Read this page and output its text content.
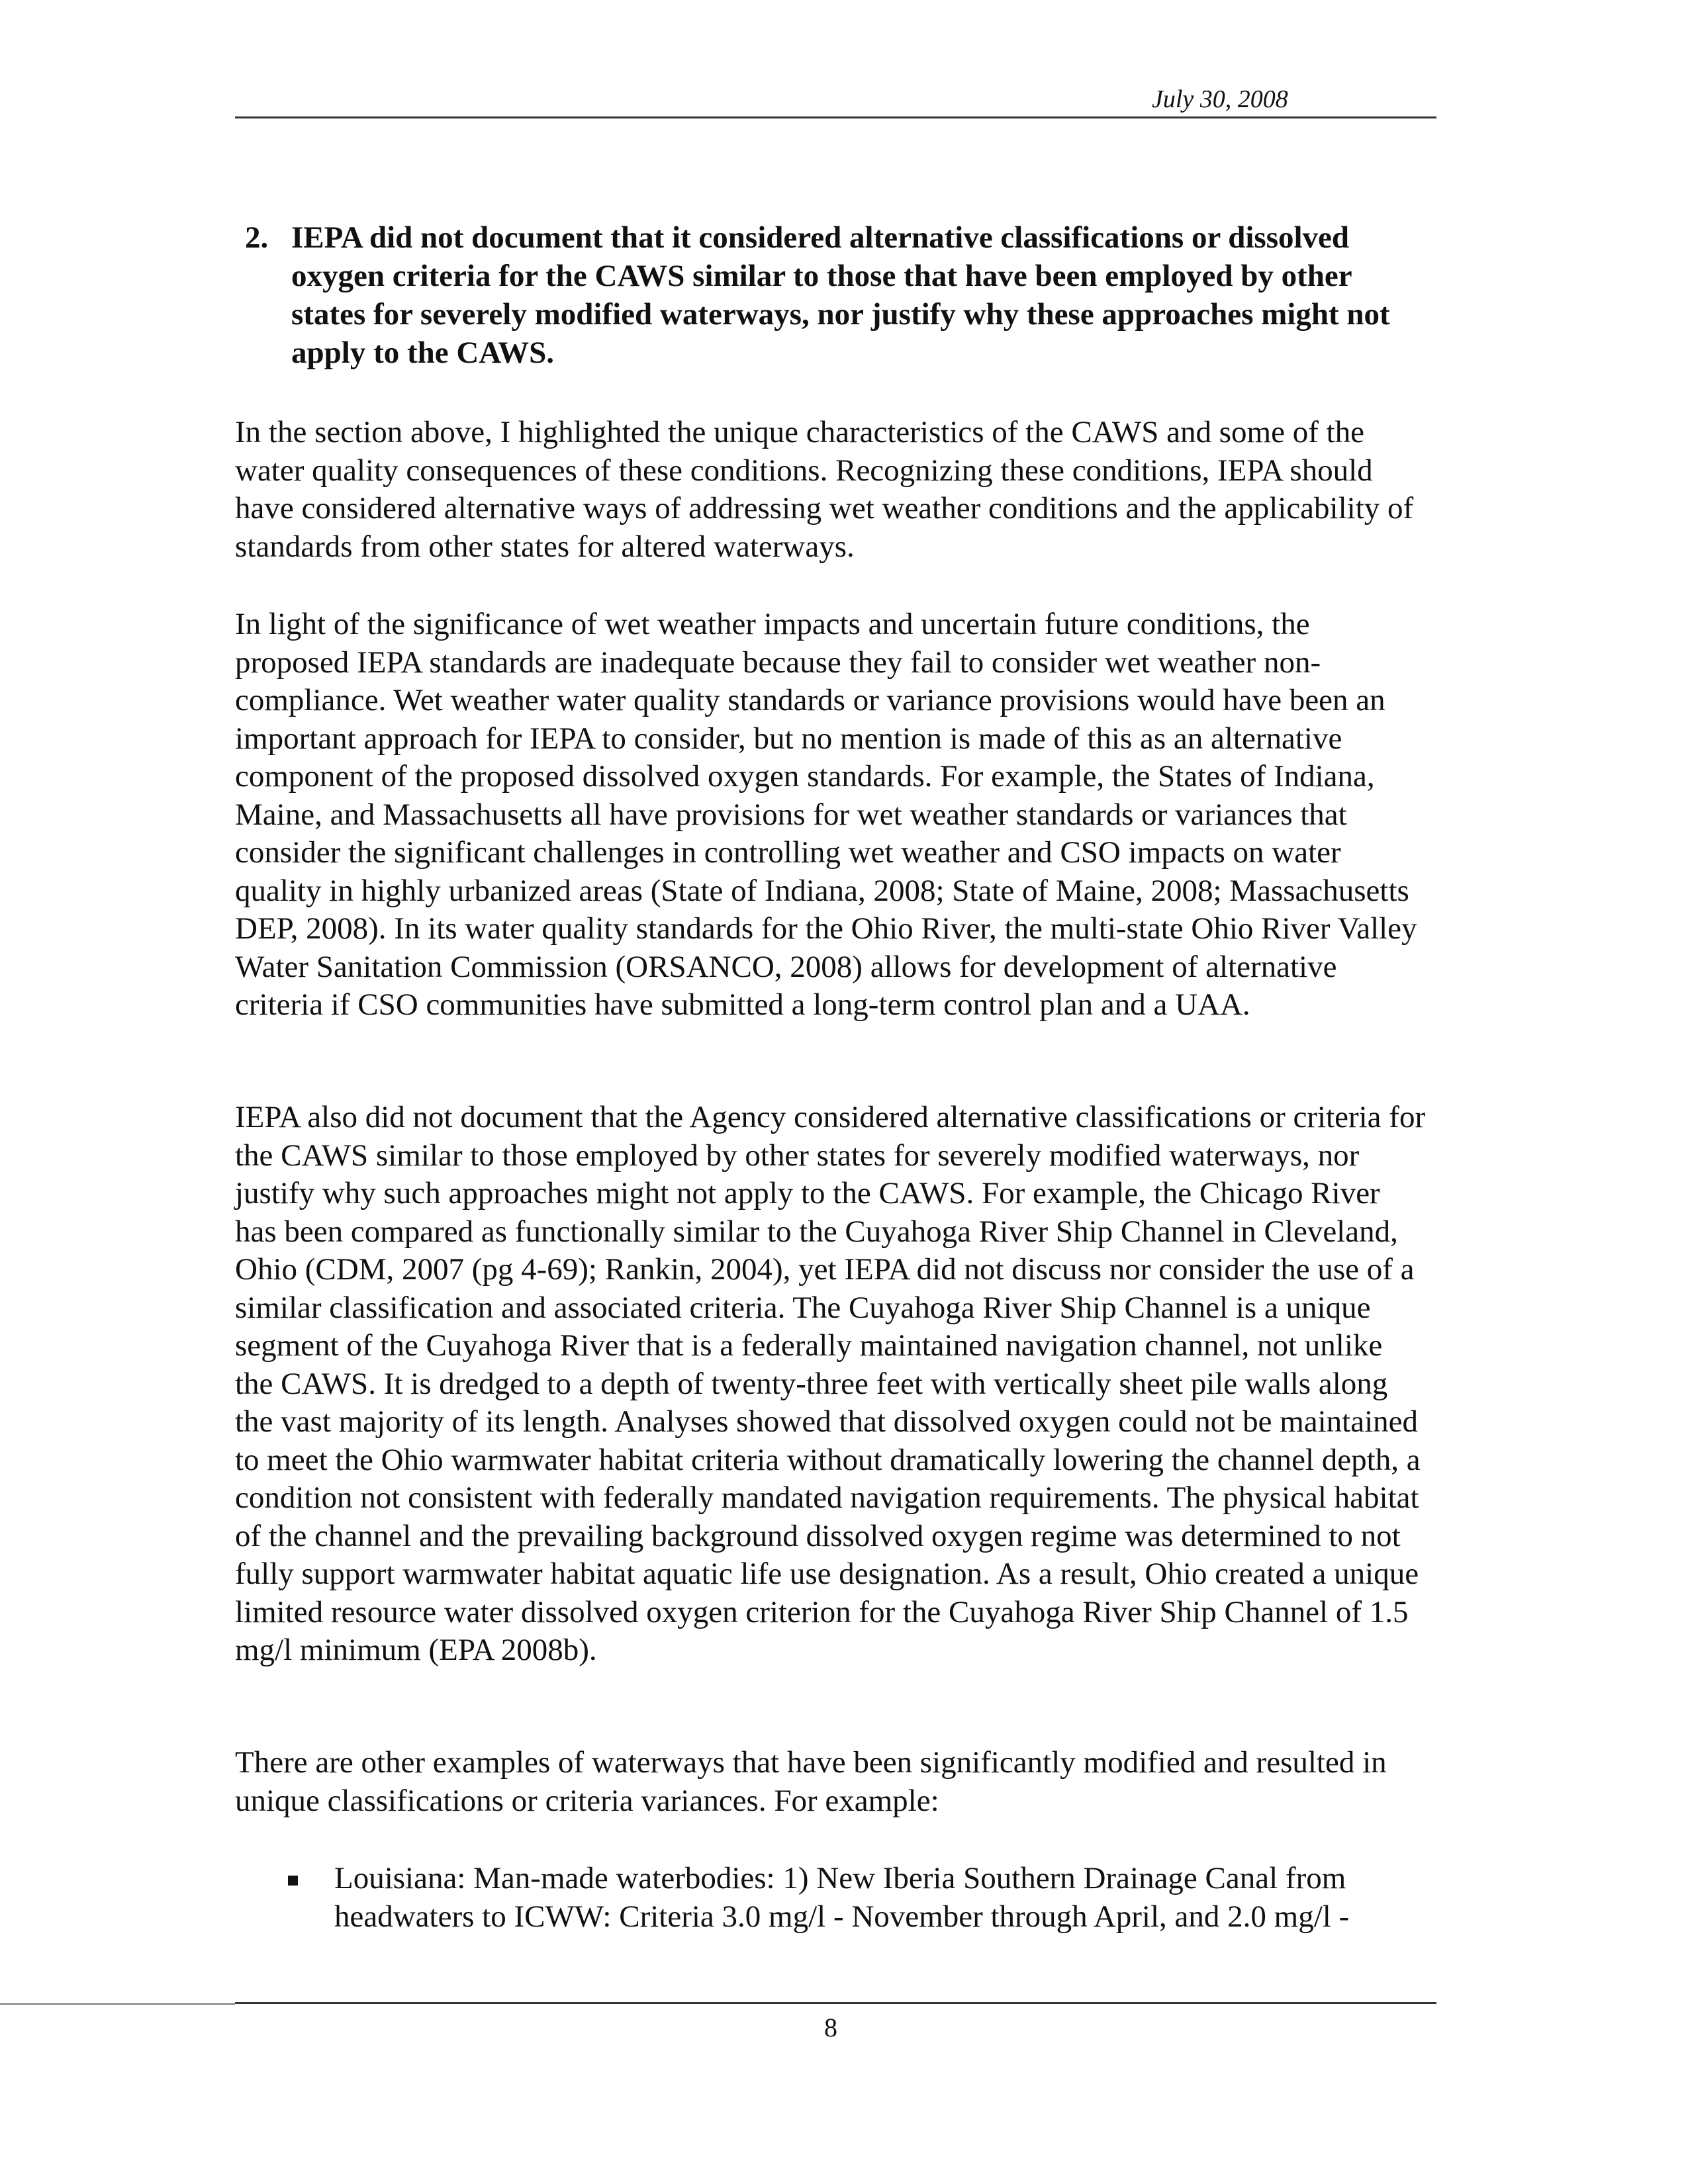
July 30, 2008

2. IEPA did not document that it considered alternative classifications or dissolved oxygen criteria for the CAWS similar to those that have been employed by other states for severely modified waterways, nor justify why these approaches might not apply to the CAWS.

In the section above, I highlighted the unique characteristics of the CAWS and some of the water quality consequences of these conditions. Recognizing these conditions, IEPA should have considered alternative ways of addressing wet weather conditions and the applicability of standards from other states for altered waterways.

In light of the significance of wet weather impacts and uncertain future conditions, the proposed IEPA standards are inadequate because they fail to consider wet weather non-compliance. Wet weather water quality standards or variance provisions would have been an important approach for IEPA to consider, but no mention is made of this as an alternative component of the proposed dissolved oxygen standards. For example, the States of Indiana, Maine, and Massachusetts all have provisions for wet weather standards or variances that consider the significant challenges in controlling wet weather and CSO impacts on water quality in highly urbanized areas (State of Indiana, 2008; State of Maine, 2008; Massachusetts DEP, 2008). In its water quality standards for the Ohio River, the multi-state Ohio River Valley Water Sanitation Commission (ORSANCO, 2008) allows for development of alternative criteria if CSO communities have submitted a long-term control plan and a UAA.

IEPA also did not document that the Agency considered alternative classifications or criteria for the CAWS similar to those employed by other states for severely modified waterways, nor justify why such approaches might not apply to the CAWS. For example, the Chicago River has been compared as functionally similar to the Cuyahoga River Ship Channel in Cleveland, Ohio (CDM, 2007 (pg 4-69); Rankin, 2004), yet IEPA did not discuss nor consider the use of a similar classification and associated criteria. The Cuyahoga River Ship Channel is a unique segment of the Cuyahoga River that is a federally maintained navigation channel, not unlike the CAWS. It is dredged to a depth of twenty-three feet with vertically sheet pile walls along the vast majority of its length. Analyses showed that dissolved oxygen could not be maintained to meet the Ohio warmwater habitat criteria without dramatically lowering the channel depth, a condition not consistent with federally mandated navigation requirements. The physical habitat of the channel and the prevailing background dissolved oxygen regime was determined to not fully support warmwater habitat aquatic life use designation. As a result, Ohio created a unique limited resource water dissolved oxygen criterion for the Cuyahoga River Ship Channel of 1.5 mg/l minimum (EPA 2008b).

There are other examples of waterways that have been significantly modified and resulted in unique classifications or criteria variances. For example:

Louisiana: Man-made waterbodies: 1) New Iberia Southern Drainage Canal from headwaters to ICWW: Criteria 3.0 mg/l - November through April, and 2.0 mg/l -

8
